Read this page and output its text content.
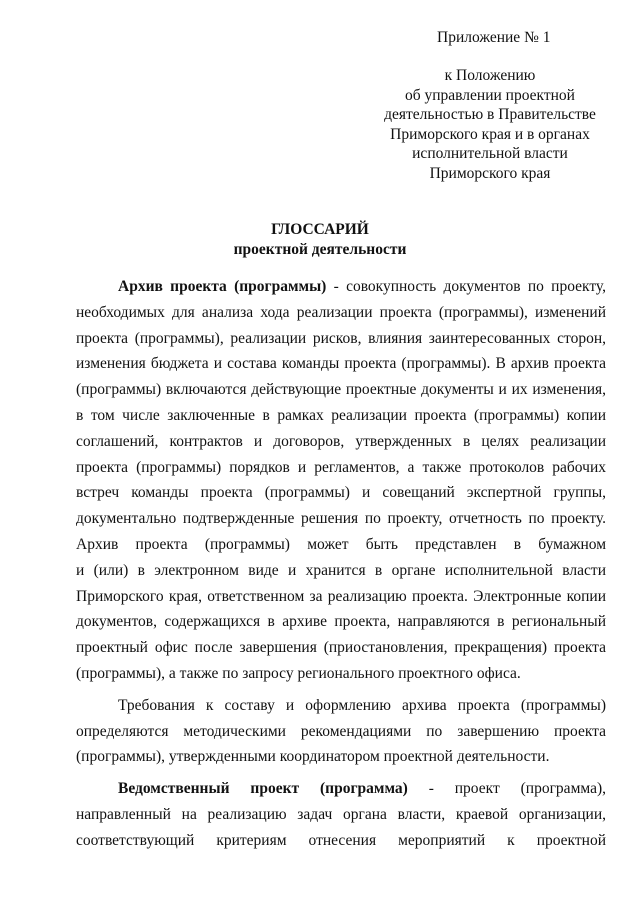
Приложение № 1
к Положению
об управлении проектной
деятельностью в Правительстве
Приморского края и в органах
исполнительной власти
Приморского края
ГЛОССАРИЙ
проектной деятельности
Архив проекта (программы) - совокупность документов по проекту,
необходимых для анализа хода реализации проекта (программы), изменений
проекта (программы), реализации рисков, влияния заинтересованных сторон,
изменения бюджета и состава команды проекта (программы). В архив проекта
(программы) включаются действующие проектные документы и их изменения,
в том числе заключенные в рамках реализации проекта (программы) копии
соглашений, контрактов и договоров, утвержденных в целях реализации
проекта (программы) порядков и регламентов, а также протоколов рабочих
встреч команды проекта (программы) и совещаний экспертной группы,
документально подтвержденные решения по проекту, отчетность по проекту.
Архив проекта (программы) может быть представлен в бумажном
и (или) в электронном виде и хранится в органе исполнительной власти
Приморского края, ответственном за реализацию проекта. Электронные копии
документов, содержащихся в архиве проекта, направляются в региональный
проектный офис после завершения (приостановления, прекращения) проекта
(программы), а также по запросу регионального проектного офиса.
Требования к составу и оформлению архива проекта (программы)
определяются методическими рекомендациями по завершению проекта
(программы), утвержденными координатором проектной деятельности.
Ведомственный проект (программа) - проект (программа),
направленный на реализацию задач органа власти, краевой организации,
соответствующий критериям отнесения мероприятий к проектной
